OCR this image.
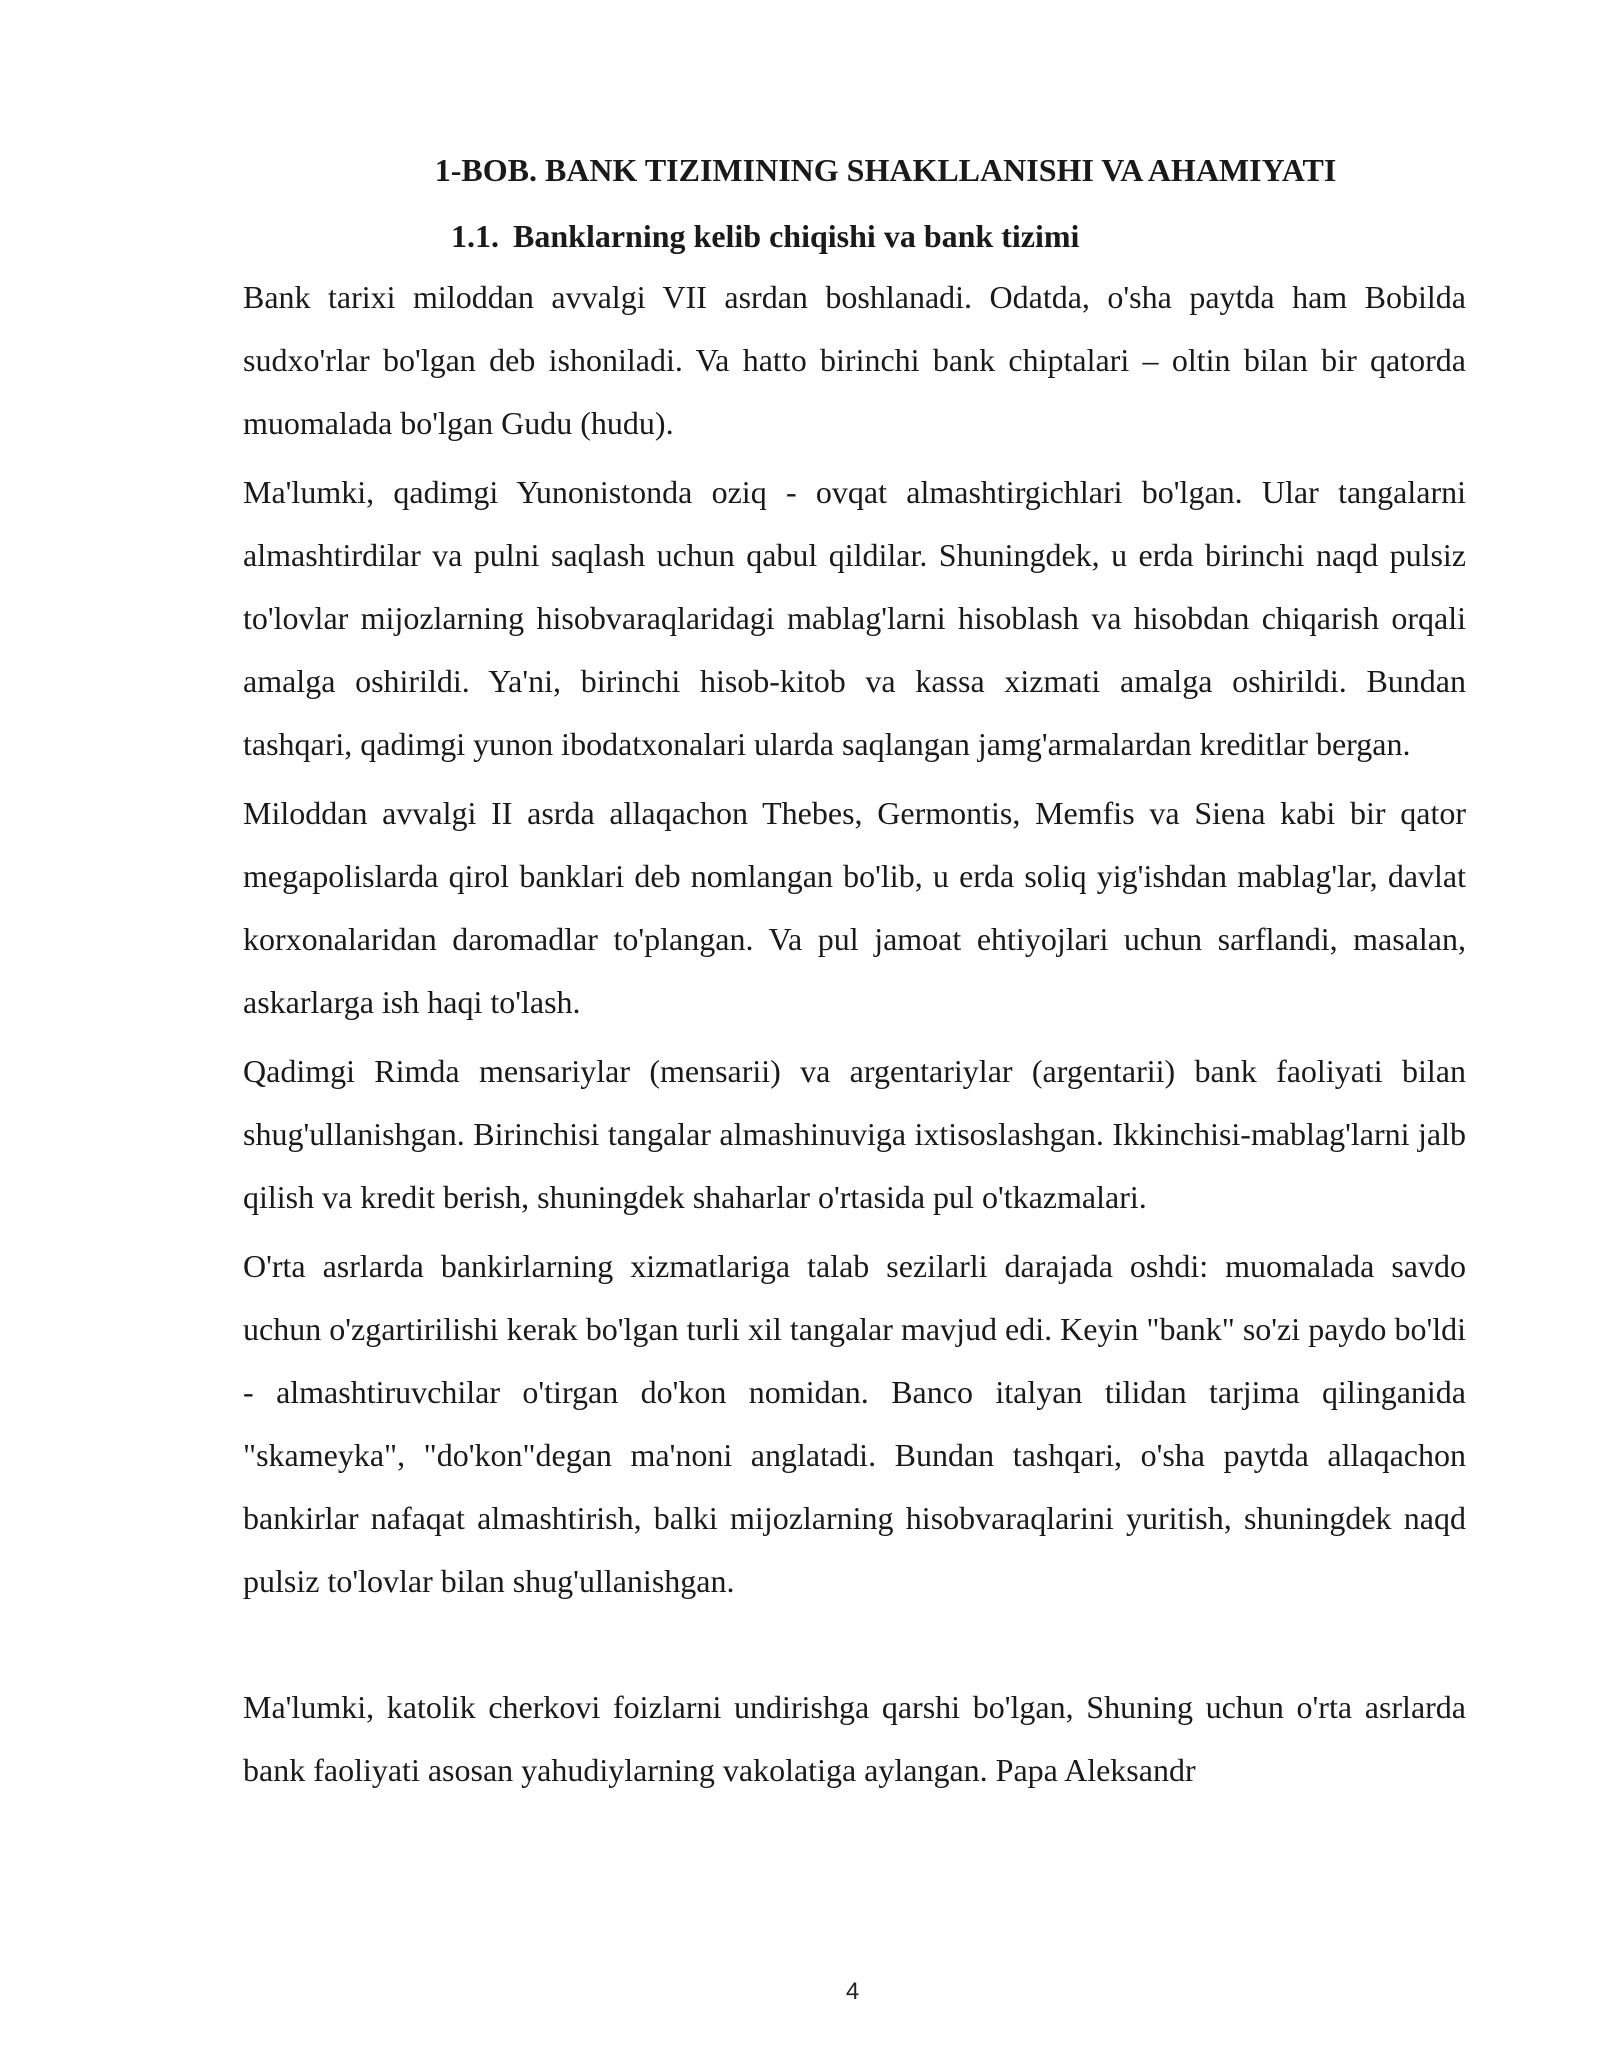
1-BOB. BANK TIZIMINING SHAKLLANISHI VA AHAMIYATI
1.1. Banklarning kelib chiqishi va bank tizimi

Bank tarixi miloddan avvalgi VII asrdan boshlanadi. Odatda, o'sha paytda ham Bobilda sudxo'rlar bo'lgan deb ishoniladi. Va hatto birinchi bank chiptalari – oltin bilan bir qatorda muomalada bo'lgan Gudu (hudu).

Ma'lumki, qadimgi Yunonistonda oziq - ovqat almashtirgichlari bo'lgan. Ular tangalarni almashtirdilar va pulni saqlash uchun qabul qildilar. Shuningdek, u erda birinchi naqd pulsiz to'lovlar mijozlarning hisobvaraqlaridagi mablag'larni hisoblash va hisobdan chiqarish orqali amalga oshirildi. Ya'ni, birinchi hisob-kitob va kassa xizmati amalga oshirildi. Bundan tashqari, qadimgi yunon ibodatxonalari ularda saqlangan jamg'armalardan kreditlar bergan.

Miloddan avvalgi II asrda allaqachon Thebes, Germontis, Memfis va Siena kabi bir qator megapolislarda qirol banklari deb nomlangan bo'lib, u erda soliq yig'ishdan mablag'lar, davlat korxonalaridan daromadlar to'plangan. Va pul jamoat ehtiyojlari uchun sarflandi, masalan, askarlarga ish haqi to'lash.

Qadimgi Rimda mensariylar (mensarii) va argentariylar (argentarii) bank faoliyati bilan shug'ullanishgan. Birinchisi tangalar almashinuviga ixtisoslashgan. Ikkinchisi-mablag'larni jalb qilish va kredit berish, shuningdek shaharlar o'rtasida pul o'tkazmalari.

O'rta asrlarda bankirlarning xizmatlariga talab sezilarli darajada oshdi: muomalada savdo uchun o'zgartirilishi kerak bo'lgan turli xil tangalar mavjud edi. Keyin "bank" so'zi paydo bo'ldi - almashtiruvchilar o'tirgan do'kon nomidan. Banco italyan tilidan tarjima qilinganida "skameyka", "do'kon"degan ma'noni anglatadi. Bundan tashqari, o'sha paytda allaqachon bankirlar nafaqat almashtirish, balki mijozlarning hisobvaraqlarini yuritish, shuningdek naqd pulsiz to'lovlar bilan shug'ullanishgan.

Ma'lumki, katolik cherkovi foizlarni undirishga qarshi bo'lgan, Shuning uchun o'rta asrlarda bank faoliyati asosan yahudiylarning vakolatiga aylangan. Papa Aleksandr

4
